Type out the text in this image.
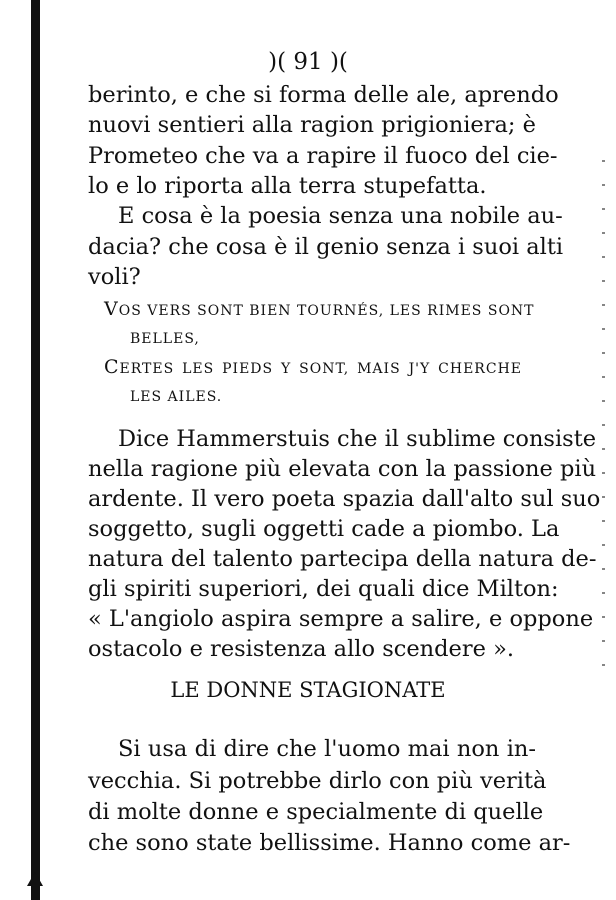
)( 91 )(
berinto, e che si forma delle ale, aprendo
nuovi sentieri alla ragion prigioniera; è
Prometeo che va a rapire il fuoco del cie-
lo e lo riporta alla terra stupefatta.
E cosa è la poesia senza una nobile au-
dacia? che cosa è il genio senza i suoi alti
voli?
VOS VERS SONT BIEN TOURNÉS, LES RIMES SONT
BELLES,
CERTES LES PIEDS Y SONT, MAIS J'Y CHERCHE
LES AILES.
Dice Hammerstuis che il sublime consiste
nella ragione più elevata con la passione più
ardente. Il vero poeta spazia dall'alto sul suo
soggetto, sugli oggetti cade a piombo. La
natura del talento partecipa della natura de-
gli spiriti superiori, dei quali dice Milton:
« L'angiolo aspira sempre a salire, e oppone
ostacolo e resistenza allo scendere ».
LE DONNE STAGIONATE
Si usa di dire che l'uomo mai non in-
vecchia. Si potrebbe dirlo con più verità
di molte donne e specialmente di quelle
che sono state bellissime. Hanno come ar-
